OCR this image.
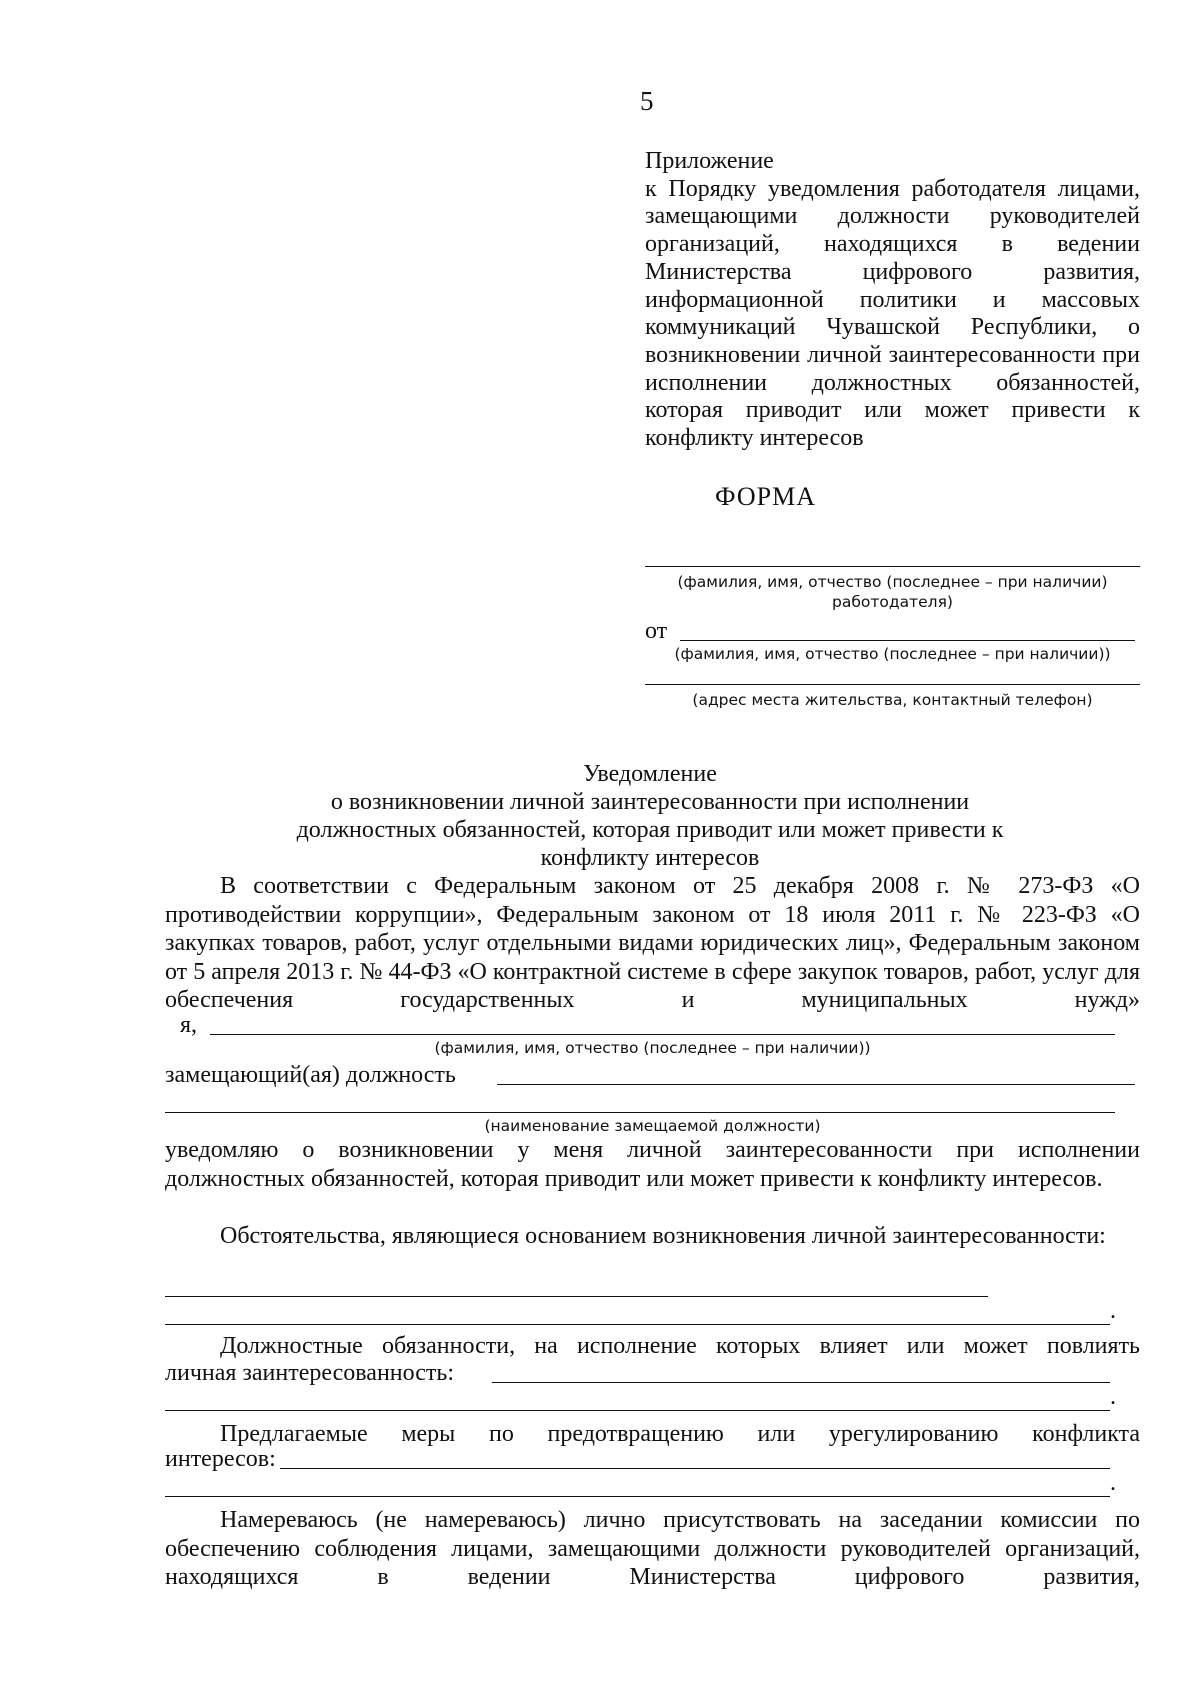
5
Приложение
к Порядку уведомления работодателя лицами, замещающими должности руководителей организаций, находящихся в ведении Министерства цифрового развития, информационной политики и массовых коммуникаций Чувашской Республики, о возникновении личной заинтересованности при исполнении должностных обязанностей, которая приводит или может привести к конфликту интересов
ФОРМА
(фамилия, имя, отчество (последнее – при наличии) работодателя)
от
(фамилия, имя, отчество (последнее – при наличии))
(адрес места жительства, контактный телефон)
Уведомление
о возникновении личной заинтересованности при исполнении должностных обязанностей, которая приводит или может привести к конфликту интересов
В соответствии с Федеральным законом от 25 декабря 2008 г. № 273-ФЗ «О противодействии коррупции», Федеральным законом от 18 июля 2011 г. № 223-ФЗ «О закупках товаров, работ, услуг отдельными видами юридических лиц», Федеральным законом от 5 апреля 2013 г. № 44-ФЗ «О контрактной системе в сфере закупок товаров, работ, услуг для обеспечения государственных и муниципальных нужд»
я,
(фамилия, имя, отчество (последнее – при наличии))
замещающий(ая) должность
(наименование замещаемой должности)
уведомляю о возникновении у меня личной заинтересованности при исполнении должностных обязанностей, которая приводит или может привести к конфликту интересов.
Обстоятельства, являющиеся основанием возникновения личной заинтересованности:
.
Должностные обязанности, на исполнение которых влияет или может повлиять
личная заинтересованность:
.
Предлагаемые меры по предотвращению или урегулированию конфликта
интересов:
.
Намереваюсь (не намереваюсь) лично присутствовать на заседании комиссии по обеспечению соблюдения лицами, замещающими должности руководителей организаций, находящихся в ведении Министерства цифрового развития,
